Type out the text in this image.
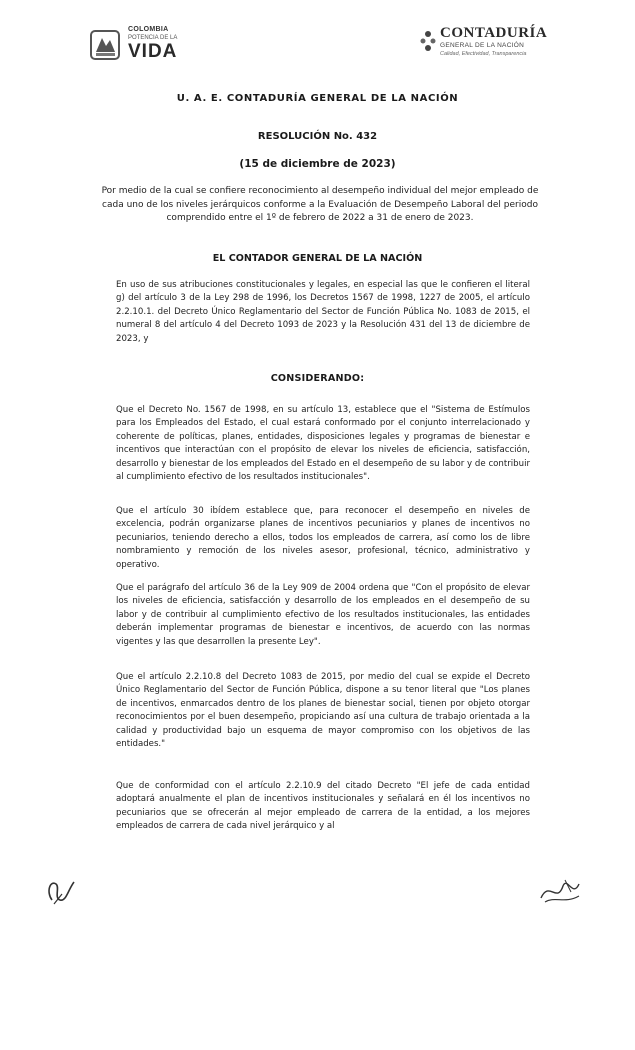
COLOMBIA
POTENCIA DE LA
VIDA
CONTADURÍA
GENERAL DE LA NACIÓN
Calidad, Efectividad, Transparencia
U. A. E. CONTADURÍA GENERAL DE LA NACIÓN
RESOLUCIÓN No. 432
(15 de diciembre de 2023)
Por medio de la cual se confiere reconocimiento al desempeño individual del mejor empleado de cada uno de los niveles jerárquicos conforme a la Evaluación de Desempeño Laboral del periodo comprendido entre el 1º de febrero de 2022 a 31 de enero de 2023.
EL CONTADOR GENERAL DE LA NACIÓN

En uso de sus atribuciones constitucionales y legales, en especial las que le confieren el literal g) del artículo 3 de la Ley 298 de 1996, los Decretos 1567 de 1998, 1227 de 2005, el artículo 2.2.10.1. del Decreto Único Reglamentario del Sector de Función Pública No. 1083 de 2015, el numeral 8 del artículo 4 del Decreto 1093 de 2023 y la Resolución 431 del 13 de diciembre de 2023, y

CONSIDERANDO:

Que el Decreto No. 1567 de 1998, en su artículo 13, establece que el "Sistema de Estímulos para los Empleados del Estado, el cual estará conformado por el conjunto interrelacionado y coherente de políticas, planes, entidades, disposiciones legales y programas de bienestar e incentivos que interactúan con el propósito de elevar los niveles de eficiencia, satisfacción, desarrollo y bienestar de los empleados del Estado en el desempeño de su labor y de contribuir al cumplimiento efectivo de los resultados institucionales".

Que el artículo 30 ibídem establece que, para reconocer el desempeño en niveles de excelencia, podrán organizarse planes de incentivos pecuniarios y planes de incentivos no pecuniarios, teniendo derecho a ellos, todos los empleados de carrera, así como los de libre nombramiento y remoción de los niveles asesor, profesional, técnico, administrativo y operativo.

Que el parágrafo del artículo 36 de la Ley 909 de 2004 ordena que "Con el propósito de elevar los niveles de eficiencia, satisfacción y desarrollo de los empleados en el desempeño de su labor y de contribuir al cumplimiento efectivo de los resultados institucionales, las entidades deberán implementar programas de bienestar e incentivos, de acuerdo con las normas vigentes y las que desarrollen la presente Ley".

Que el artículo 2.2.10.8 del Decreto 1083 de 2015, por medio del cual se expide el Decreto Único Reglamentario del Sector de Función Pública, dispone a su tenor literal que "Los planes de incentivos, enmarcados dentro de los planes de bienestar social, tienen por objeto otorgar reconocimientos por el buen desempeño, propiciando así una cultura de trabajo orientada a la calidad y productividad bajo un esquema de mayor compromiso con los objetivos de las entidades."

Que de conformidad con el artículo 2.2.10.9 del citado Decreto "El jefe de cada entidad adoptará anualmente el plan de incentivos institucionales y señalará en él los incentivos no pecuniarios que se ofrecerán al mejor empleado de carrera de la entidad, a los mejores empleados de carrera de cada nivel jerárquico y al
